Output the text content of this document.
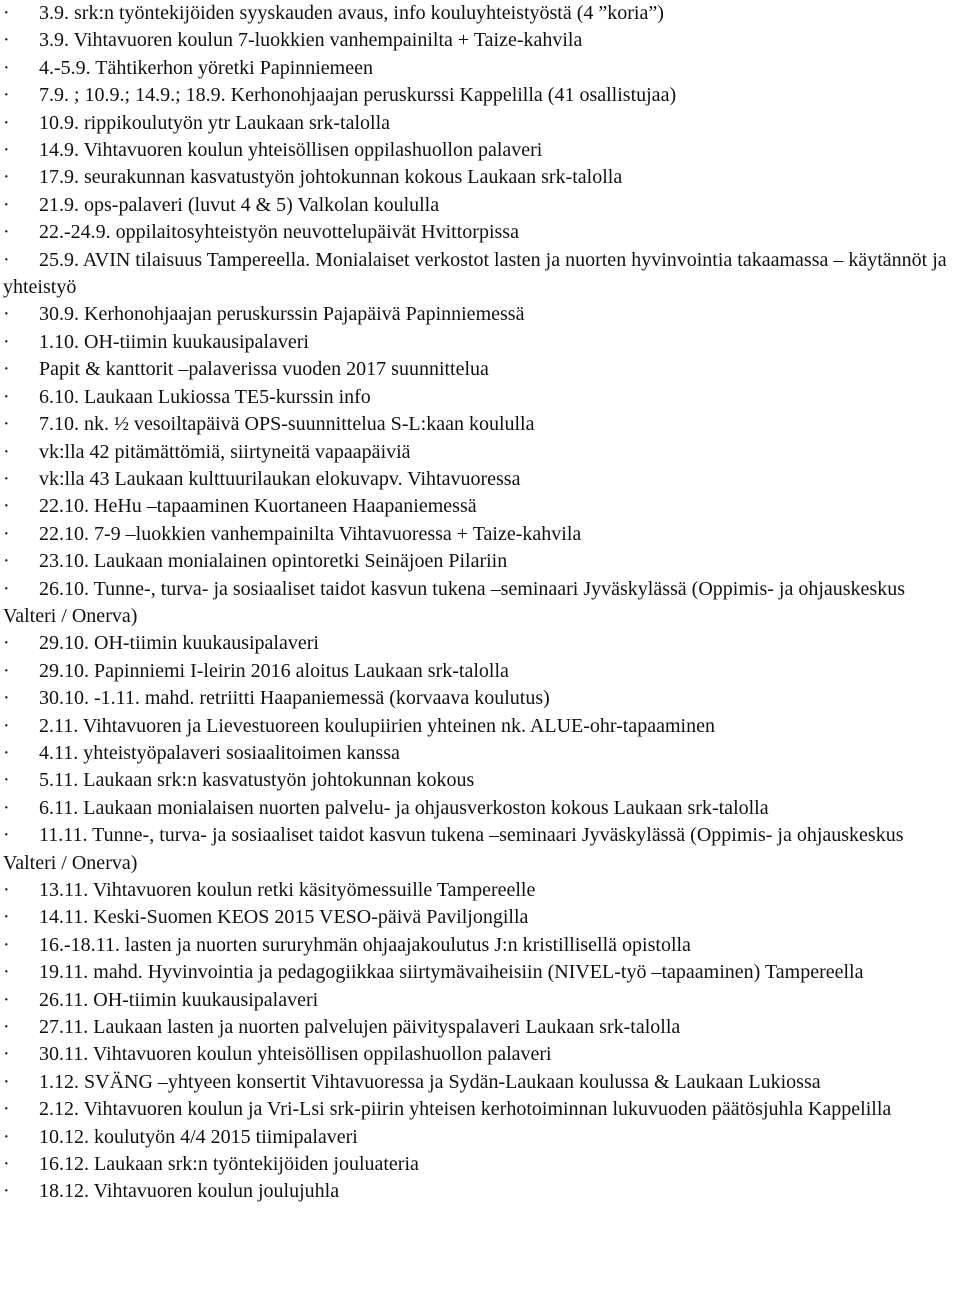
· 3.9. srk:n työntekijöiden syyskauden avaus, info kouluyhteistyöstä (4 ”koria”)
· 3.9. Vihtavuoren koulun 7-luokkien vanhempainilta + Taize-kahvila
· 4.-5.9. Tähtikerhon yöretki Papinniemeen
· 7.9. ; 10.9.; 14.9.; 18.9. Kerhonohjaajan peruskurssi Kappelilla (41 osallistujaa)
· 10.9. rippikoulutyön ytr Laukaan srk-talolla
· 14.9. Vihtavuoren koulun yhteisöllisen oppilashuollon palaveri
· 17.9. seurakunnan kasvatustyön johtokunnan kokous Laukaan srk-talolla
· 21.9. ops-palaveri (luvut 4 & 5) Valkolan koululla
· 22.-24.9. oppilaitosyhteistyön neuvottelupäivät Hvittorpissa
· 25.9. AVIN tilaisuus Tampereella. Monialaiset verkostot lasten ja nuorten hyvinvointia takaamassa – käytännöt ja yhteistyö
· 30.9. Kerhonohjaajan peruskurssin Pajapäivä Papinniemessä
· 1.10. OH-tiimin kuukausipalaveri
· Papit & kanttorit –palaverissa vuoden 2017 suunnittelua
· 6.10. Laukaan Lukiossa TE5-kurssin info
· 7.10. nk. ½ vesoiltapäivä OPS-suunnittelua S-L:kaan koululla
· vk:lla 42 pitämättömiä, siirtyneitä vapaapäiviä
· vk:lla 43 Laukaan kulttuurilaukan elokuvapv. Vihtavuoressa
· 22.10. HeHu –tapaaminen Kuortaneen Haapaniemessä
· 22.10. 7-9 –luokkien vanhempainilta Vihtavuoressa + Taize-kahvila
· 23.10. Laukaan monialainen opintoretki Seinäjoen Pilariin
· 26.10. Tunne-, turva- ja sosiaaliset taidot kasvun tukena –seminaari Jyväskylässä (Oppimis- ja ohjauskeskus Valteri / Onerva)
· 29.10. OH-tiimin kuukausipalaveri
· 29.10. Papinniemi I-leirin 2016 aloitus Laukaan srk-talolla
· 30.10. -1.11. mahd. retriitti Haapaniemessä (korvaava koulutus)
· 2.11. Vihtavuoren ja Lievestuoreen koulupiirien yhteinen nk. ALUE-ohr-tapaaminen
· 4.11. yhteistyöpalaveri sosiaalitoimen kanssa
· 5.11. Laukaan srk:n kasvatustyön johtokunnan kokous
· 6.11. Laukaan monialaisen nuorten palvelu- ja ohjausverkoston kokous Laukaan srk-talolla
· 11.11. Tunne-, turva- ja sosiaaliset taidot kasvun tukena –seminaari Jyväskylässä (Oppimis- ja ohjauskeskus Valteri / Onerva)
· 13.11. Vihtavuoren koulun retki käsityömessuille Tampereelle
· 14.11. Keski-Suomen KEOS 2015 VESO-päivä Paviljongilla
· 16.-18.11. lasten ja nuorten sururyhmän ohjaajakoulutus J:n kristillisellä opistolla
· 19.11. mahd. Hyvinvointia ja pedagogiikkaa siirtymävaiheisiin (NIVEL-työ –tapaaminen) Tampereella
· 26.11. OH-tiimin kuukausipalaveri
· 27.11. Laukaan lasten ja nuorten palvelujen päivityspalaveri Laukaan srk-talolla
· 30.11. Vihtavuoren koulun yhteisöllisen oppilashuollon palaveri
· 1.12. SVÄNG –yhtyeen konsertit Vihtavuoressa ja Sydän-Laukaan koulussa & Laukaan Lukiossa
· 2.12. Vihtavuoren koulun ja Vri-Lsi srk-piirin yhteisen kerhotoiminnan lukuvuoden päätösjuhla Kappelilla
· 10.12. koulutyön 4/4 2015 tiimipalaveri
· 16.12. Laukaan srk:n työntekijöiden jouluateria
· 18.12. Vihtavuoren koulun joulujuhla
